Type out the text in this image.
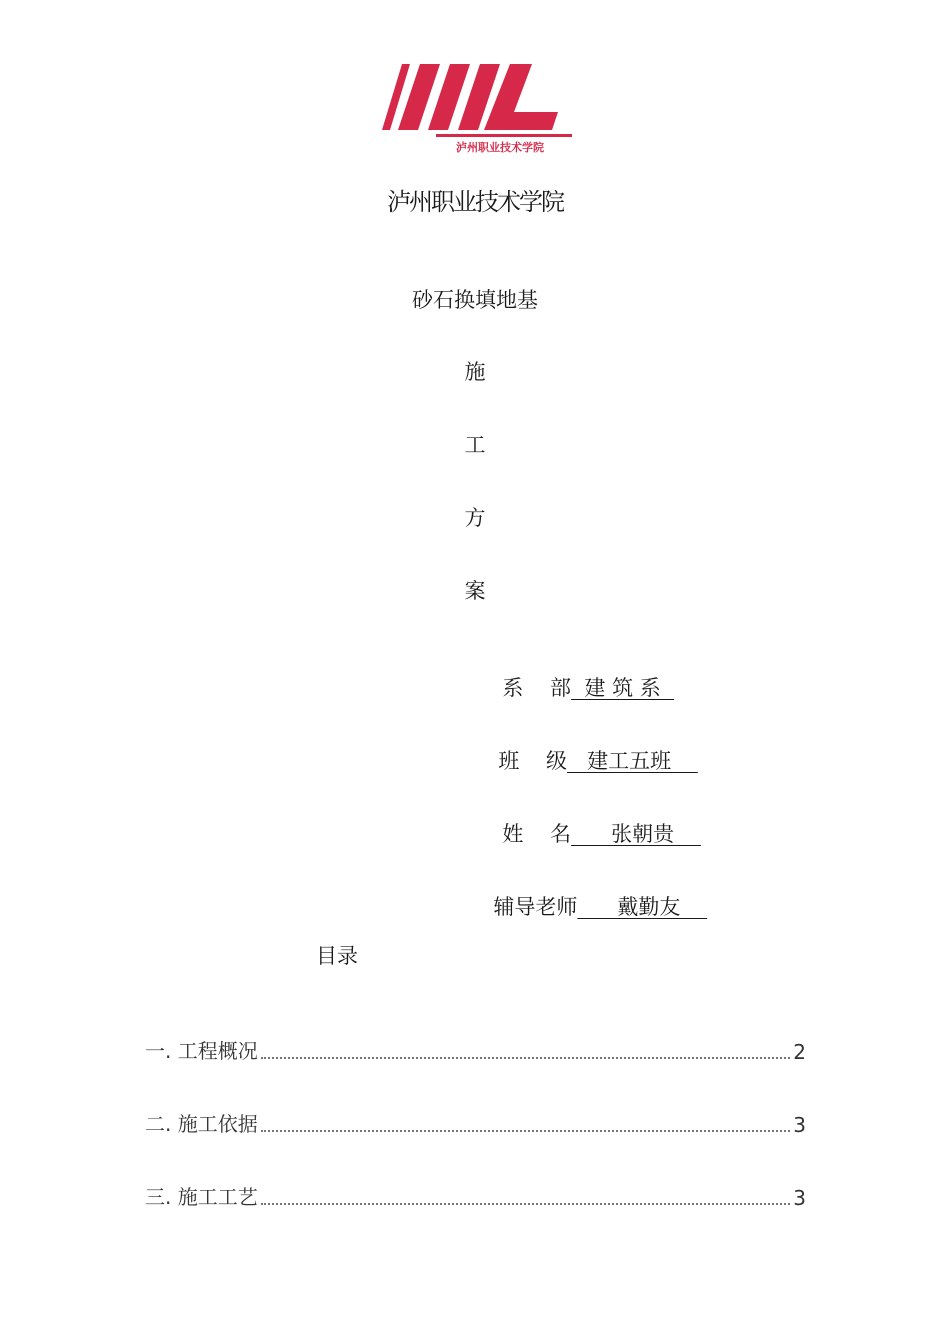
泸州职业技术学院
泸州职业技术学院
砂石换填地基
施
工
方
案

系    部  建 筑 系

班    级   建工五班

姓    名      张朝贵

辅导老师      戴勤友

目录
一. 工程概况	2
二. 施工依据	3
三. 施工工艺	3
